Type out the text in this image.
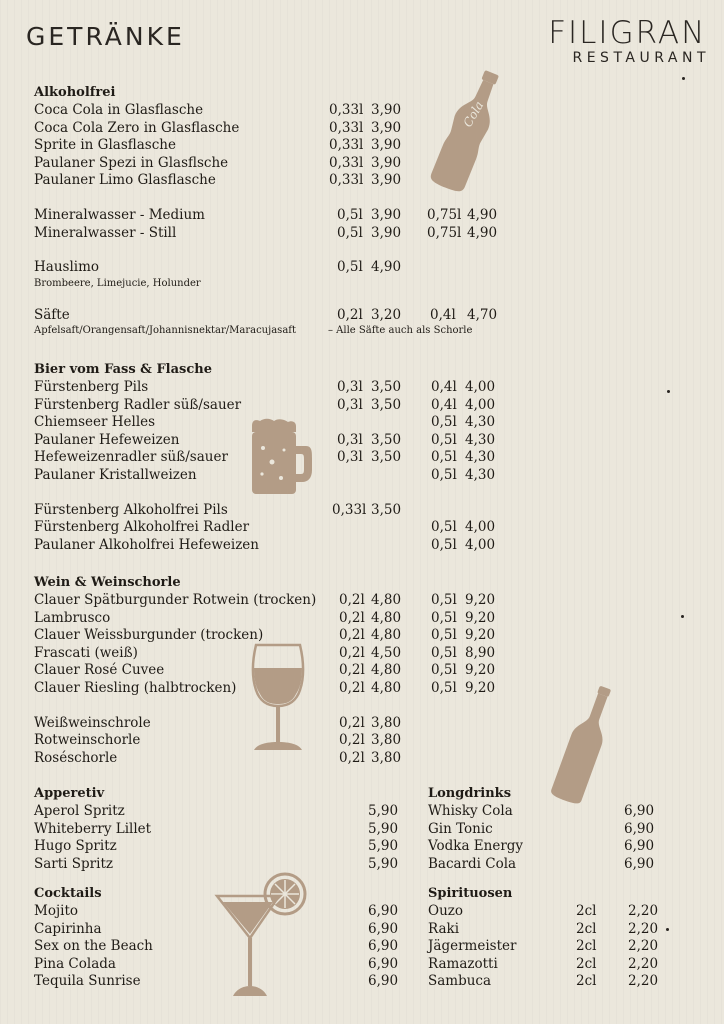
GETRÄNKE	FILIGRAN
RESTAURANT
Alkoholfrei
Coca Cola in Glasflasche	0,33l 3,90
Coca Cola Zero in Glasflasche	0,33l 3,90
Sprite in Glasflasche	0,33l 3,90
Paulaner Spezi in Glasflsche	0,33l 3,90
Paulaner Limo Glasflasche	0,33l 3,90
Mineralwasser - Medium	0,5l 3,90 0,75l 4,90
Mineralwasser - Still	0,5l 3,90 0,75l 4,90
Hauslimo	0,5l 4,90
Brombeere, Limejucie, Holunder
Säfte	0,2l 3,20 0,4l 4,70
Apfelsaft/Orangensaft/Johannisnektar/Maracujasaft	– Alle Säfte auch als Schorle
Bier vom Fass & Flasche
Fürstenberg Pils	0,3l 3,50 0,4l 4,00
Fürstenberg Radler süß/sauer	0,3l 3,50 0,4l 4,00
Chiemseer Helles	0,5l 4,30
Paulaner Hefeweizen	0,3l 3,50 0,5l 4,30
Hefeweizenradler süß/sauer	0,3l 3,50 0,5l 4,30
Paulaner Kristallweizen	0,5l 4,30
Fürstenberg Alkoholfrei Pils	0,33l 3,50
Fürstenberg Alkoholfrei Radler	0,5l 4,00
Paulaner Alkoholfrei Hefeweizen	0,5l 4,00
Wein & Weinschorle
Clauer Spätburgunder Rotwein (trocken) 0,2l 4,80 0,5l 9,20
Lambrusco	0,2l 4,80 0,5l 9,20
Clauer Weissburgunder (trocken)	0,2l 4,80 0,5l 9,20
Frascati (weiß)	0,2l 4,50 0,5l 8,90
Clauer Rosé Cuvee	0,2l 4,80 0,5l 9,20
Clauer Riesling (halbtrocken)	0,2l 4,80 0,5l 9,20
Weißweinschrole	0,2l 3,80
Rotweinschorle	0,2l 3,80
Roséschorle	0,2l 3,80
Apperetiv
Aperol Spritz	5,90
Whiteberry Lillet	5,90
Hugo Spritz	5,90
Sarti Spritz	5,90
Cocktails
Mojito	6,90
Capirinha	6,90
Sex on the Beach	6,90
Pina Colada	6,90
Tequila Sunrise	6,90
Longdrinks
Whisky Cola	6,90
Gin Tonic	6,90
Vodka Energy	6,90
Bacardi Cola	6,90
Spirituosen
Ouzo	2cl 2,20
Raki	2cl 2,20
Jägermeister	2cl 2,20
Ramazotti	2cl 2,20
Sambuca	2cl 2,20
Cola
